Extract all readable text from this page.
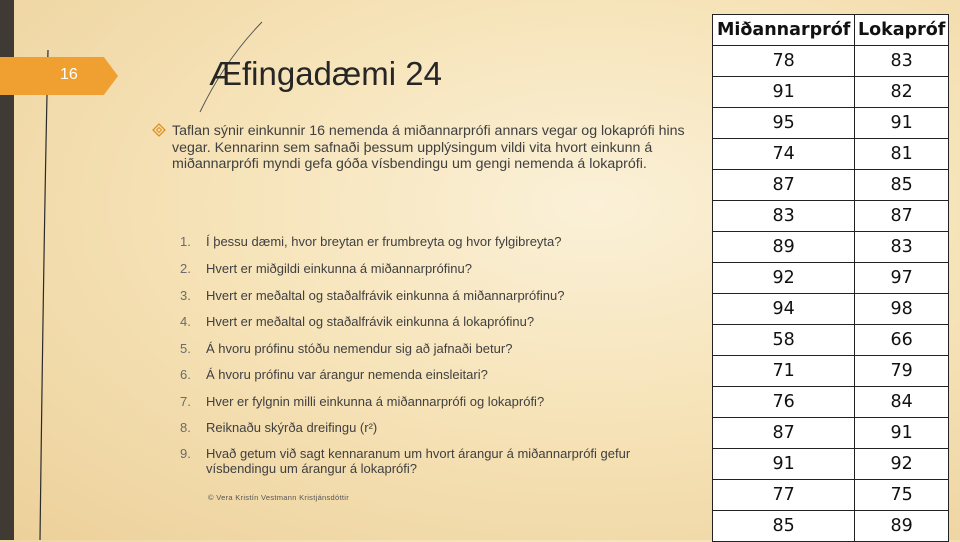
16	Æfingadæmi 24

Taflan sýnir einkunnir 16 nemenda á miðannarprófi annars vegar og lokaprófi hins vegar. Kennarinn sem safnaði þessum upplýsingum vildi vita hvort einkunn á miðannarprófi myndi gefa góða vísbendingu um gengi nemenda á lokaprófi.

1.	Í þessu dæmi, hvor breytan er frumbreyta og hvor fylgibreyta?
2.	Hvert er miðgildi einkunna á miðannarprófinu?
3.	Hvert er meðaltal og staðalfrávik einkunna á miðannarprófinu?
4.	Hvert er meðaltal og staðalfrávik einkunna á lokaprófinu?
5.	Á hvoru prófinu stóðu nemendur sig að jafnaði betur?
6.	Á hvoru prófinu var árangur nemenda einsleitari?
7.	Hver er fylgnin milli einkunna á miðannarprófi og lokaprófi?
8.	Reiknaðu skýrða dreifingu (r²)
9.	Hvað getum við sagt kennaranum um hvort árangur á miðannarprófi gefur vísbendingu um árangur á lokaprófi?
© Vera Kristín Vestmann Kristjánsdóttir
Miðannarpróf	Lokapróf
78	83
91	82
95	91
74	81
87	85
83	87
89	83
92	97
94	98
58	66
71	79
76	84
87	91
91	92
77	75
85	89
